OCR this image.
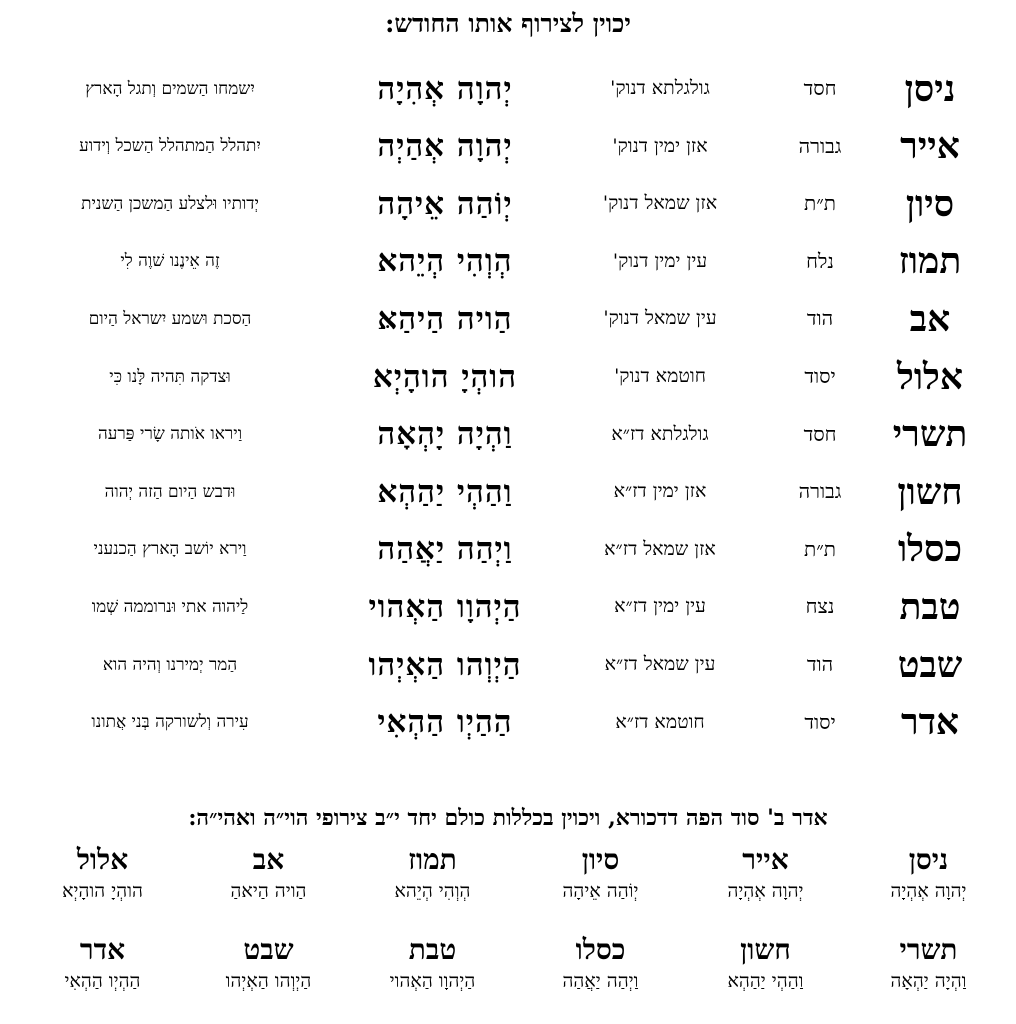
יכוין לצירוף אותו החודש:
ניסן
חסד
גולגלתא דנוק'
יְהוָה אְהִיָה
יִשמחו הַשמים וְתגל הָארץ
אייר
גבורה
אזן ימין דנוק'
יְהוָה אְהַיְה
יִתהלל הַמתהלל הַשכל וְידוע
סיון
ת״ת
אזן שמאל דנוק'
יְוֹהַה אֵיהָה
יְדותיו וּלצלע הַמשכן הַשנית
תמוז
נלח
עין ימין דנוק'
הְוְהִי הְיֵהא
זֶה אֵינֶנו שׁוֶה לִי
אב
הוד
עין שמאל דנוק'
הַויה הַיהַאּ
הַסכת וּשמע יִשראל הַיום
אלול
יסוד
חוטמא דנוק'
הוהְיָ הוהָיְא
וּצדקה תִּהיה לָּנו כִּי
תשרי
חסד
גולגלתא דז״א
וַהְיָה יָהְאָה
וַיראו אֹותה שָׂרי פַּרעה
חשון
גבורה
אזן ימין דז״א
וַהַהְי יַהַהְא
וּדבש הַיום הַזה יְהוה
כסלו
ת״ת
אזן שמאל דז״א
וַיְהַה יַאֲהַה
וַירא יוֹשב הָארץ הַכנעני
טבת
נצח
עין ימין דז״א
הַיְהוָו הַאְהוי
לַיהוה אתי וּנרוממה שְׁמו
שבט
הוד
עין שמאל דז״א
הַיְוְהו הַאְיְהו
הַמר יְמירנו וְהיה הוא
אדר
יסוד
חוטמא דז״א
הַהַיְו הַהְאִי
עִירה וְלשורקה בְּני אֲתונו
אדר ב' סוד הפה דדכורא, ויכוין בכללות כולם יחד י״ב צירופי הוי״ה ואהי״ה:
ניסן
יְהוָה אְהְיָה
אייר
יְהוָה אְהְיָה
סיון
יְוֹהַה אֵיהָה
תמוז
הְוְהִי הְיֵהא
אב
הַויה הַיאהַ
אלול
הוהְיָ הוהָיְא
תשרי
וַהְיָה יַהְאָה
חשון
וַהַהְי יַהַהְא
כסלו
וַיְהַה יַאֲהַה
טבת
הַיְהוָו הַאְהוי
שבט
הַיְוְהו הַאְיְהו
אדר
הַהְיְו הַהְאִי
